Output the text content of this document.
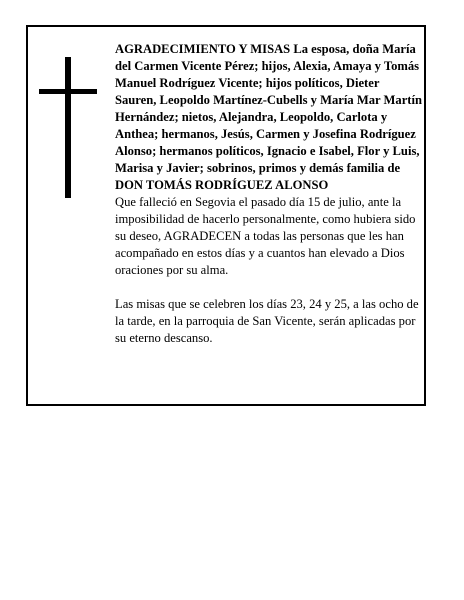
AGRADECIMIENTO Y MISAS La esposa, doña María del Carmen Vicente Pérez; hijos, Alexia, Amaya y Tomás Manuel Rodríguez Vicente; hijos políticos, Dieter Sauren, Leopoldo Martínez-Cubells y María Mar Martín Hernández; nietos, Alejandra, Leopoldo, Carlota y Anthea; hermanos, Jesús, Carmen y Josefina Rodríguez Alonso; hermanos políticos, Ignacio e Isabel, Flor y Luis, Marisa y Javier; sobrinos, primos y demás familia de

DON TOMÁS RODRÍGUEZ ALONSO

Que falleció en Segovia el pasado día 15 de julio, ante la imposibilidad de hacerlo personalmente, como hubiera sido su deseo, AGRADECEN a todas las personas que les han acompañado en estos días y a cuantos han elevado a Dios oraciones por su alma.

Las misas que se celebren los días 23, 24 y 25, a las ocho de la tarde, en la parroquia de San Vicente, serán aplicadas por su eterno descanso.
